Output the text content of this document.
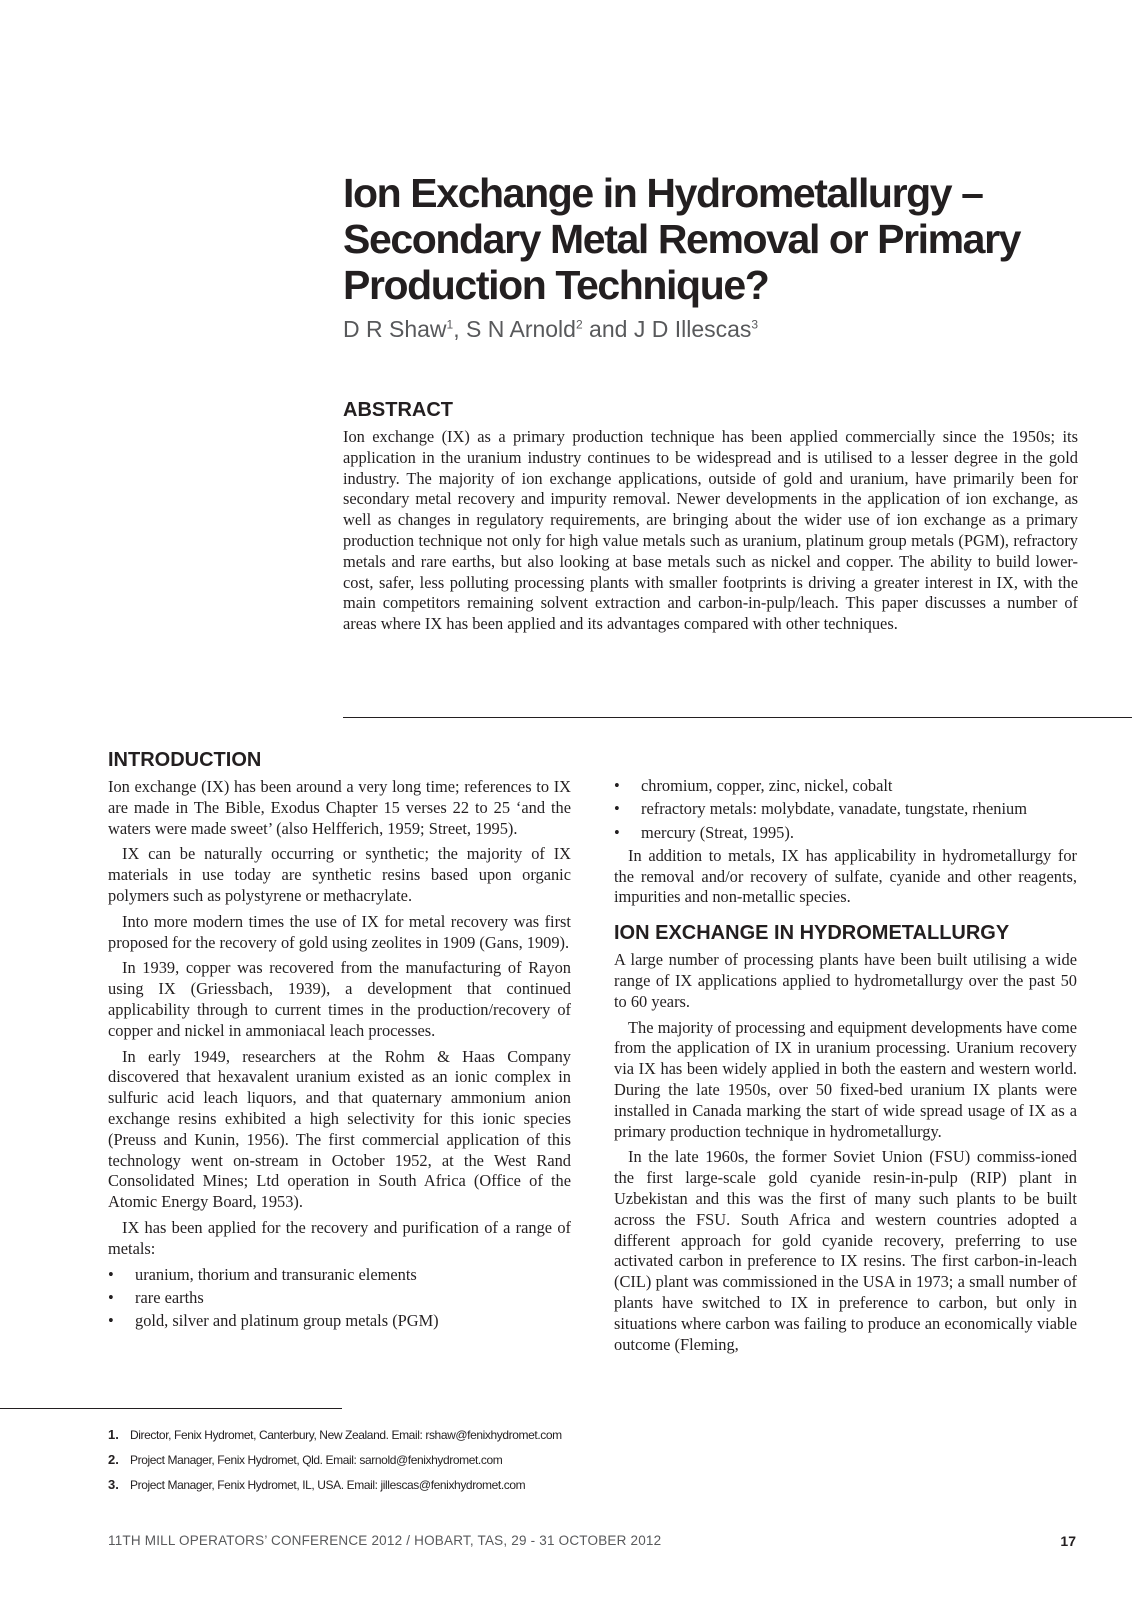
Ion Exchange in Hydrometallurgy – Secondary Metal Removal or Primary Production Technique?
D R Shaw$^1$, S N Arnold$^2$ and J D Illescas$^3$
ABSTRACT

Ion exchange (IX) as a primary production technique has been applied commercially since the 1950s; its application in the uranium industry continues to be widespread and is utilised to a lesser degree in the gold industry. The majority of ion exchange applications, outside of gold and uranium, have primarily been for secondary metal recovery and impurity removal. Newer developments in the application of ion exchange, as well as changes in regulatory requirements, are bringing about the wider use of ion exchange as a primary production technique not only for high value metals such as uranium, platinum group metals (PGM), refractory metals and rare earths, but also looking at base metals such as nickel and copper. The ability to build lower-cost, safer, less polluting processing plants with smaller footprints is driving a greater interest in IX, with the main competitors remaining solvent extraction and carbon-in-pulp/leach. This paper discusses a number of areas where IX has been applied and its advantages compared with other techniques.

INTRODUCTION

Ion exchange (IX) has been around a very long time; references to IX are made in The Bible, Exodus Chapter 15 verses 22 to 25 ‘and the waters were made sweet’ (also Helfferich, 1959; Street, 1995).

IX can be naturally occurring or synthetic; the majority of IX materials in use today are synthetic resins based upon organic polymers such as polystyrene or methacrylate.

Into more modern times the use of IX for metal recovery was first proposed for the recovery of gold using zeolites in 1909 (Gans, 1909).

In 1939, copper was recovered from the manufacturing of Rayon using IX (Griessbach, 1939), a development that continued applicability through to current times in the production/recovery of copper and nickel in ammoniacal leach processes.

In early 1949, researchers at the Rohm & Haas Company discovered that hexavalent uranium existed as an ionic complex in sulfuric acid leach liquors, and that quaternary ammonium anion exchange resins exhibited a high selectivity for this ionic species (Preuss and Kunin, 1956). The first commercial application of this technology went on-stream in October 1952, at the West Rand Consolidated Mines; Ltd operation in South Africa (Office of the Atomic Energy Board, 1953).

IX has been applied for the recovery and purification of a range of metals:

• uranium, thorium and transuranic elements
• rare earths
• gold, silver and platinum group metals (PGM)
• chromium, copper, zinc, nickel, cobalt
• refractory metals: molybdate, vanadate, tungstate, rhenium
• mercury (Streat, 1995).

In addition to metals, IX has applicability in hydrometallurgy for the removal and/or recovery of sulfate, cyanide and other reagents, impurities and non-metallic species.

ION EXCHANGE IN HYDROMETALLURGY

A large number of processing plants have been built utilising a wide range of IX applications applied to hydrometallurgy over the past 50 to 60 years.

The majority of processing and equipment developments have come from the application of IX in uranium processing. Uranium recovery via IX has been widely applied in both the eastern and western world. During the late 1950s, over 50 fixed-bed uranium IX plants were installed in Canada marking the start of wide spread usage of IX as a primary production technique in hydrometallurgy.

In the late 1960s, the former Soviet Union (FSU) commiss-ioned the first large-scale gold cyanide resin-in-pulp (RIP) plant in Uzbekistan and this was the first of many such plants to be built across the FSU. South Africa and western countries adopted a different approach for gold cyanide recovery, preferring to use activated carbon in preference to IX resins. The first carbon-in-leach (CIL) plant was commissioned in the USA in 1973; a small number of plants have switched to IX in preference to carbon, but only in situations where carbon was failing to produce an economically viable outcome (Fleming,

1. Director, Fenix Hydromet, Canterbury, New Zealand. Email: rshaw@fenixhydromet.com
2. Project Manager, Fenix Hydromet, Qld. Email: sarnold@fenixhydromet.com
3. Project Manager, Fenix Hydromet, IL, USA. Email: jillescas@fenixhydromet.com
11TH MILL OPERATORS’ CONFERENCE 2012 / HOBART, TAS, 29 - 31 OCTOBER 2012	17
